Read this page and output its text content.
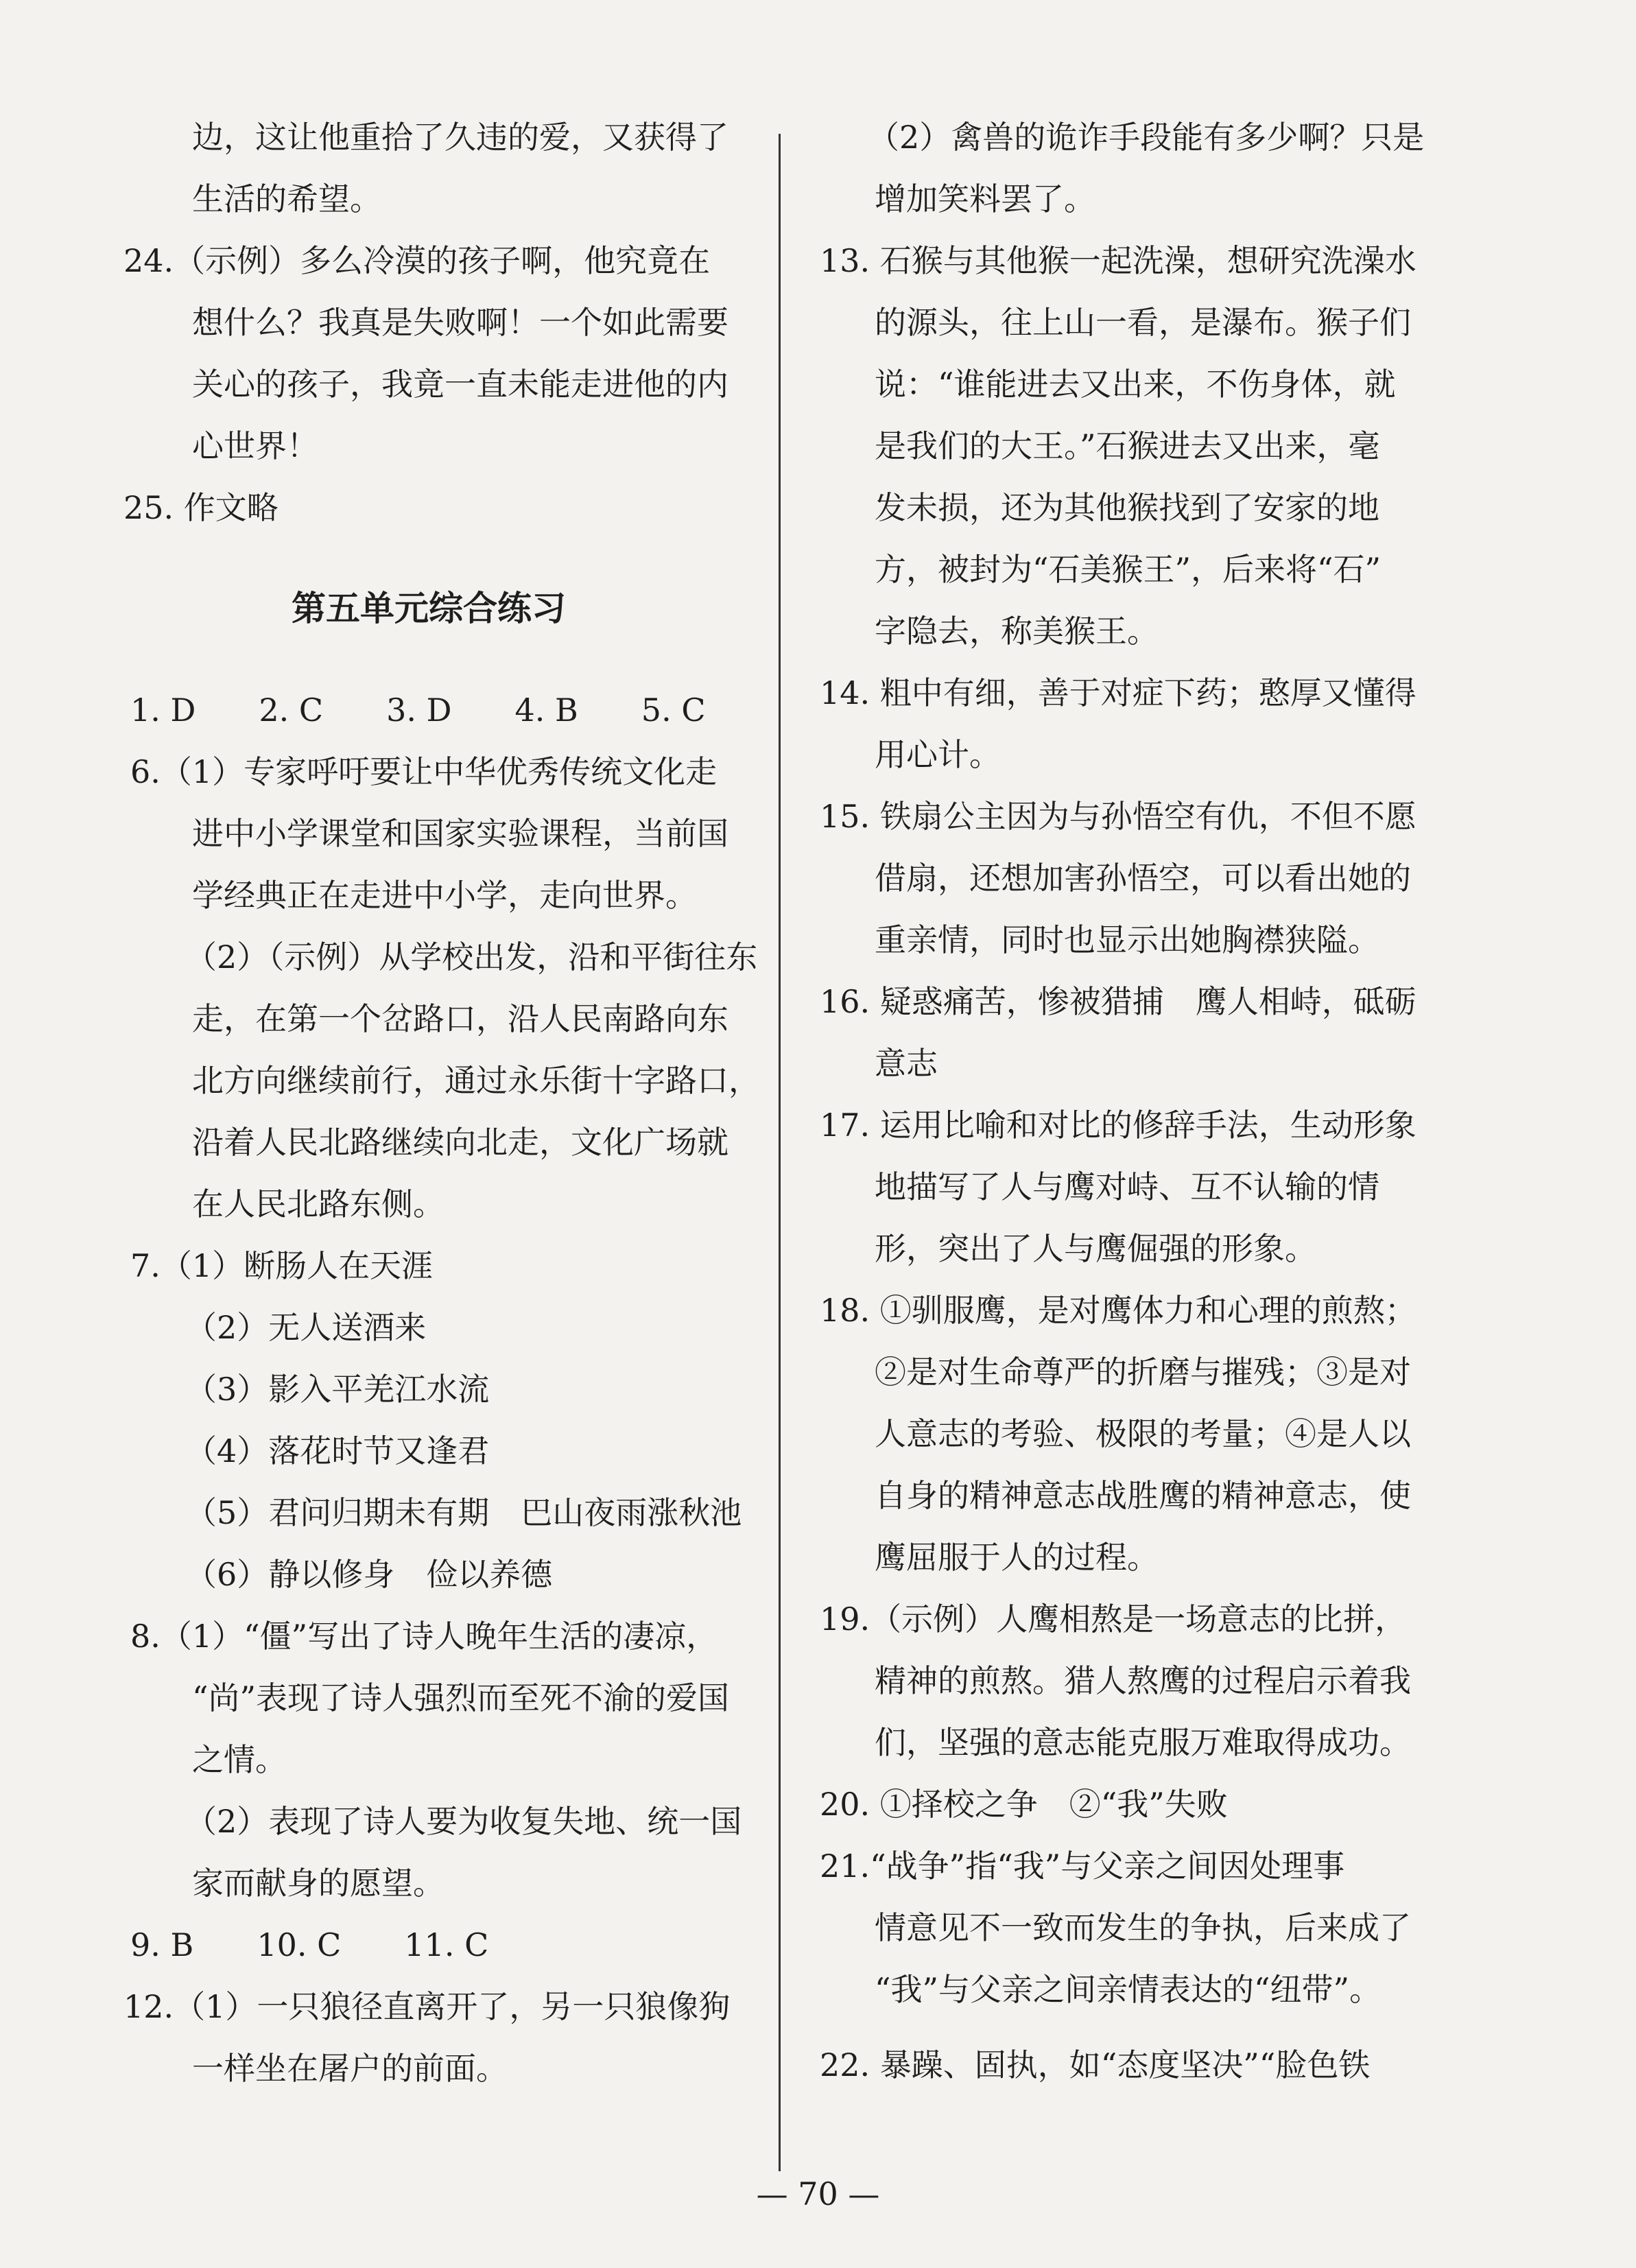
边，这让他重拾了久违的爱，又获得了
生活的希望。
24.（示例）多么冷漠的孩子啊，他究竟在
想什么？我真是失败啊！一个如此需要
关心的孩子，我竟一直未能走进他的内
心世界！
25. 作文略
第五单元综合练习
1. D　　2. C　　3. D　　4. B　　5. C
6.（1）专家呼吁要让中华优秀传统文化走
进中小学课堂和国家实验课程，当前国
学经典正在走进中小学，走向世界。
（2）（示例）从学校出发，沿和平街往东
走，在第一个岔路口，沿人民南路向东
北方向继续前行，通过永乐街十字路口，
沿着人民北路继续向北走，文化广场就
在人民北路东侧。
7.（1）断肠人在天涯
（2）无人送酒来
（3）影入平羌江水流
（4）落花时节又逢君
（5）君问归期未有期　巴山夜雨涨秋池
（6）静以修身　俭以养德
8.（1）“僵”写出了诗人晚年生活的凄凉，
“尚”表现了诗人强烈而至死不渝的爱国
之情。
（2）表现了诗人要为收复失地、统一国
家而献身的愿望。
9. B　　10. C　　11. C
12.（1）一只狼径直离开了，另一只狼像狗
一样坐在屠户的前面。
（2）禽兽的诡诈手段能有多少啊？只是
增加笑料罢了。
13. 石猴与其他猴一起洗澡，想研究洗澡水
的源头，往上山一看，是瀑布。猴子们
说：“谁能进去又出来，不伤身体，就
是我们的大王。”石猴进去又出来，毫
发未损，还为其他猴找到了安家的地
方，被封为“石美猴王”，后来将“石”
字隐去，称美猴王。
14. 粗中有细，善于对症下药；憨厚又懂得
用心计。
15. 铁扇公主因为与孙悟空有仇，不但不愿
借扇，还想加害孙悟空，可以看出她的
重亲情，同时也显示出她胸襟狭隘。
16. 疑惑痛苦，惨被猎捕　鹰人相峙，砥砺
意志
17. 运用比喻和对比的修辞手法，生动形象
地描写了人与鹰对峙、互不认输的情
形，突出了人与鹰倔强的形象。
18. ①驯服鹰，是对鹰体力和心理的煎熬；
②是对生命尊严的折磨与摧残；③是对
人意志的考验、极限的考量；④是人以
自身的精神意志战胜鹰的精神意志，使
鹰屈服于人的过程。
19.（示例）人鹰相熬是一场意志的比拼，
精神的煎熬。猎人熬鹰的过程启示着我
们，坚强的意志能克服万难取得成功。
20. ①择校之争　②“我”失败
21.“战争”指“我”与父亲之间因处理事
情意见不一致而发生的争执，后来成了
“我”与父亲之间亲情表达的“纽带”。
22. 暴躁、固执，如“态度坚决”“脸色铁
— 70 —
